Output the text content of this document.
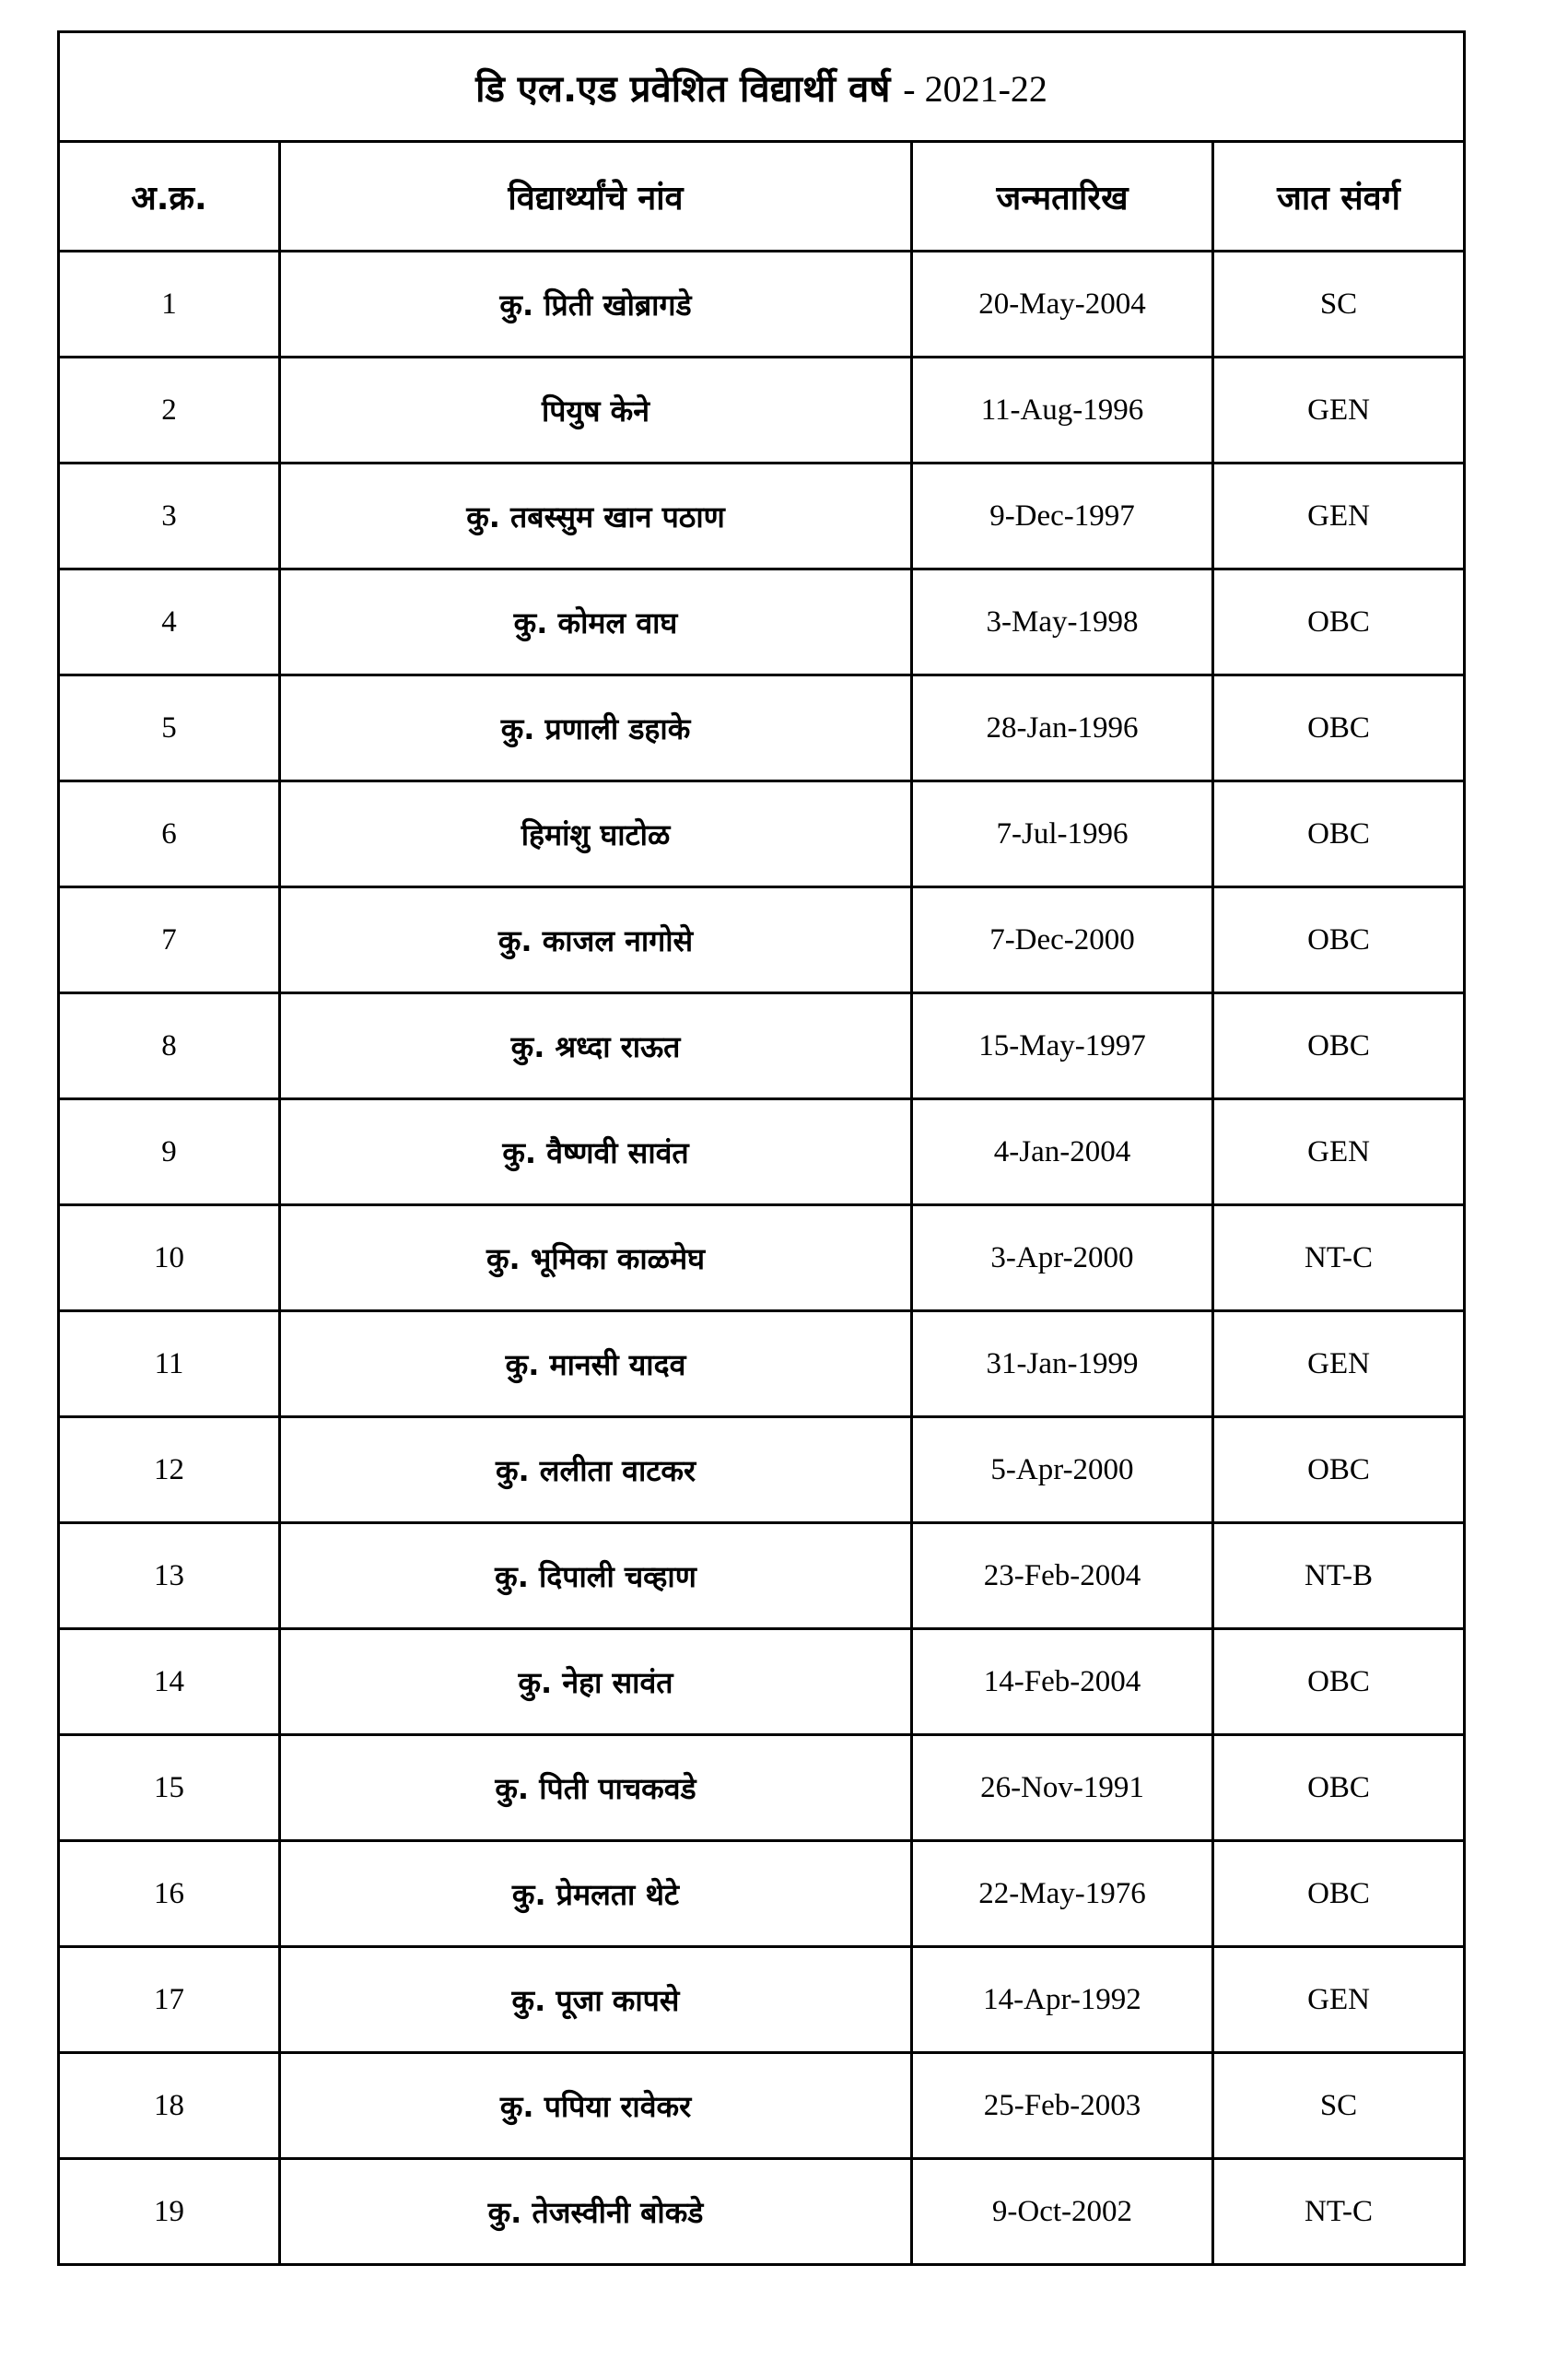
डि एल.एड प्रवेशित विद्यार्थी वर्ष - 2021-22			
अ.क्र.	विद्यार्थ्यांचे नांव	जन्मतारिख	जात संवर्ग
1	कु. प्रिती खोब्रागडे	20-May-2004	SC
2	पियुष केने	11-Aug-1996	GEN
3	कु. तबस्सुम खान पठाण	9-Dec-1997	GEN
4	कु. कोमल वाघ	3-May-1998	OBC
5	कु. प्रणाली डहाके	28-Jan-1996	OBC
6	हिमांशु घाटोळ	7-Jul-1996	OBC
7	कु. काजल नागोसे	7-Dec-2000	OBC
8	कु. श्रध्दा राऊत	15-May-1997	OBC
9	कु. वैष्णवी सावंत	4-Jan-2004	GEN
10	कु. भूमिका काळमेघ	3-Apr-2000	NT-C
11	कु. मानसी यादव	31-Jan-1999	GEN
12	कु. ललीता वाटकर	5-Apr-2000	OBC
13	कु. दिपाली चव्हाण	23-Feb-2004	NT-B
14	कु. नेहा सावंत	14-Feb-2004	OBC
15	कु. पिती पाचकवडे	26-Nov-1991	OBC
16	कु. प्रेमलता थेटे	22-May-1976	OBC
17	कु. पूजा कापसे	14-Apr-1992	GEN
18	कु. पपिया रावेकर	25-Feb-2003	SC
19	कु. तेजस्वीनी बोकडे	9-Oct-2002	NT-C
